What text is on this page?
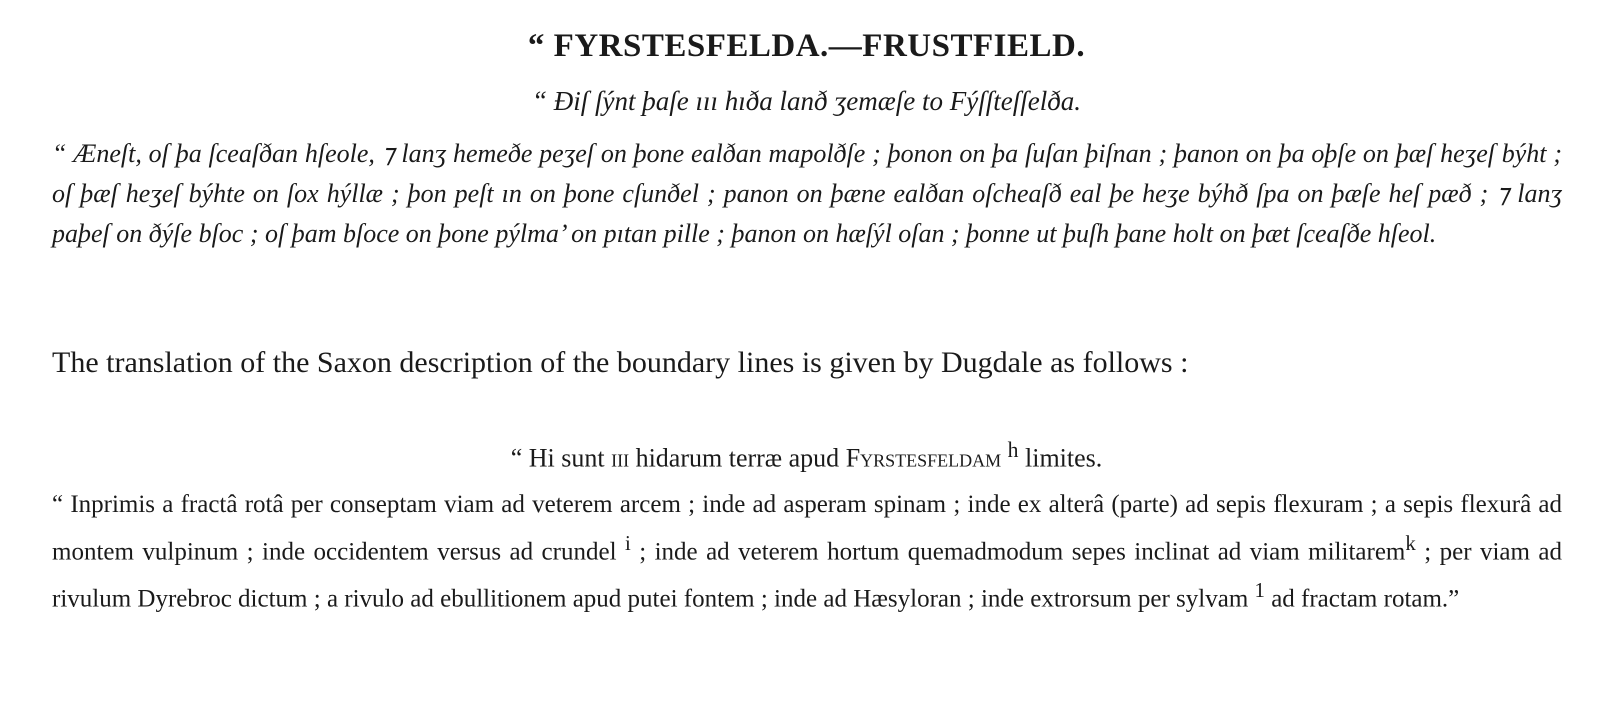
“ FYRSTESFELDA.—FRUSTFIELD.
“ Ðiſ ſýnt þaſe ııı hıða lanð ʒemæſe to Fýſſteſſelða.
“ Æneſt, oſ þa ſceaſðan hſeole, ⁊ lanʒ hemeðe peʒeſ on þone ealðan mapolðſe ; þonon on þa ſuſan þiſnan ; þanon on þa oþſe on þæſ heʒeſ býht ; oſ þæſ heʒeſ býhte on ſox hýllæ ; þon peſt ın on þone cſunðel ; panon on þæne ealðan oſcheaſð eal þe heʒe býhð ſpa on þæſe heſ pæð ; ⁊ lanʒ paþeſ on ðýſe bſoc ; oſ þam bſoce on þone pýlma’ on pıtan pille ; þanon on hæſýl oſan ; þonne ut þuſh þane holt on þæt ſceaſðe hſeol.
The translation of the Saxon description of the boundary lines is given by Dugdale as follows :
“ Hi sunt iii hidarum terræ apud Fyrstesfeldam $^h$ limites.
“ Inprimis a fractâ rotâ per conseptam viam ad veterem arcem ; inde ad asperam spinam ; inde ex alterâ (parte) ad sepis flexuram ; a sepis flexurâ ad montem vulpinum ; inde occidentem versus ad crundel $^i$ ; inde ad veterem hortum quemadmodum sepes inclinat ad viam militarem$^k$ ; per viam ad rivulum Dyrebroc dictum ; a rivulo ad ebullitionem apud putei fontem ; inde ad Hæsyloran ; inde extrorsum per sylvam $^1$ ad fractam rotam.”
